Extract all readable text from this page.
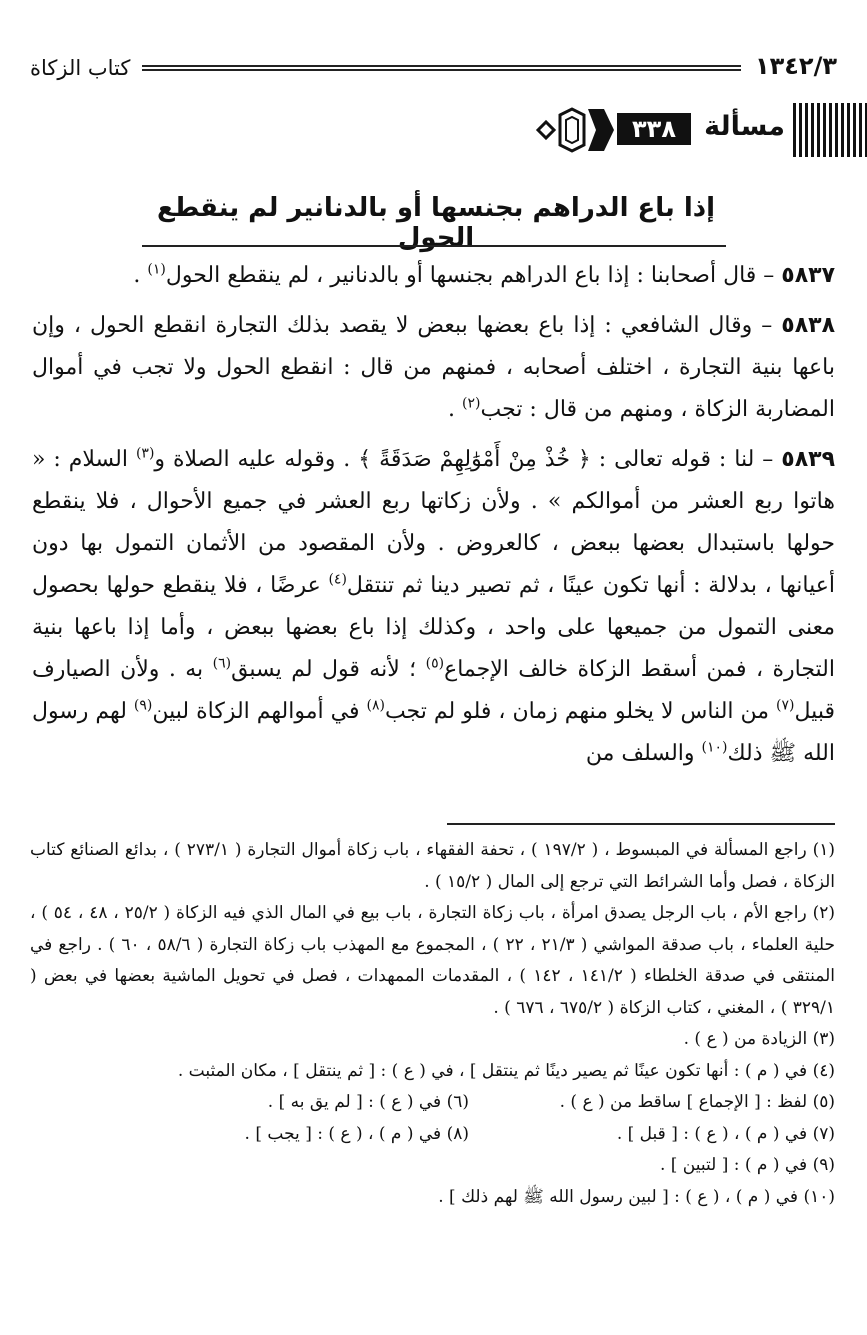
١٣٤٢/٣
كتاب الزكاة
مسألة
٣٣٨
إذا باع الدراهم بجنسها أو بالدنانير لم ينقطع الحول

٥٨٣٧ – قال أصحابنا : إذا باع الدراهم بجنسها أو بالدنانير ، لم ينقطع الحول$^{(١)}$ .

٥٨٣٨ – وقال الشافعي : إذا باع بعضها ببعض لا يقصد بذلك التجارة انقطع الحول ، وإن باعها بنية التجارة ، اختلف أصحابه ، فمنهم من قال : انقطع الحول ولا تجب في أموال المضاربة الزكاة ، ومنهم من قال : تجب$^{(٢)}$ .

٥٨٣٩ – لنا : قوله تعالى : ﴿ خُذْ مِنْ أَمْوَٰلِهِمْ صَدَقَةً ﴾ . وقوله عليه الصلاة و$^{(٣)}$ السلام : « هاتوا ربع العشر من أموالكم » . ولأن زكاتها ربع العشر في جميع الأحوال ، فلا ينقطع حولها باستبدال بعضها ببعض ، كالعروض . ولأن المقصود من الأثمان التمول بها دون أعيانها ، بدلالة : أنها تكون عينًا ، ثم تصير دينا ثم تنتقل$^{(٤)}$ عرضًا ، فلا ينقطع حولها بحصول معنى التمول من جميعها على واحد ، وكذلك إذا باع بعضها ببعض ، وأما إذا باعها بنية التجارة ، فمن أسقط الزكاة خالف الإجماع$^{(٥)}$ ؛ لأنه قول لم يسبق$^{(٦)}$ به . ولأن الصيارف قبيل$^{(٧)}$ من الناس لا يخلو منهم زمان ، فلو لم تجب$^{(٨)}$ في أموالهم الزكاة لبين$^{(٩)}$ لهم رسول الله ﷺ ذلك$^{(١٠)}$ والسلف من

(١) راجع المسألة في المبسوط ، ( ١٩٧/٢ ) ، تحفة الفقهاء ، باب زكاة أموال التجارة ( ٢٧٣/١ ) ، بدائع الصنائع كتاب الزكاة ، فصل وأما الشرائط التي ترجع إلى المال ( ١٥/٢ ) .

(٢) راجع الأم ، باب الرجل يصدق امرأة ، باب زكاة التجارة ، باب بيع في المال الذي فيه الزكاة ( ٢٥/٢ ، ٤٨ ، ٥٤ ) ، حلية العلماء ، باب صدقة المواشي ( ٢١/٣ ، ٢٢ ) ، المجموع مع المهذب باب زكاة التجارة ( ٥٨/٦ ، ٦٠ ) . راجع في المنتقى في صدقة الخلطاء ( ١٤١/٢ ، ١٤٢ ) ، المقدمات الممهدات ، فصل في تحويل الماشية بعضها في بعض ( ٣٢٩/١ ) ، المغني ، كتاب الزكاة ( ٦٧٥/٢ ، ٦٧٦ ) .

(٣) الزيادة من ( ع ) .

(٤) في ( م ) : أنها تكون عينًا ثم يصير دينًا ثم ينتقل ] ، في ( ع ) : [ ثم ينتقل ] ، مكان المثبت .

(٥) لفظ : [ الإجماع ] ساقط من ( ع ) .
(٦) في ( ع ) : [ لم يق به ] .
(٧) في ( م ) ، ( ع ) : [ قبل ] .
(٨) في ( م ) ، ( ع ) : [ يجب ] .

(٩) في ( م ) : [ لتبين ] .

(١٠) في ( م ) ، ( ع ) : [ لبين رسول الله ﷺ لهم ذلك ] .
